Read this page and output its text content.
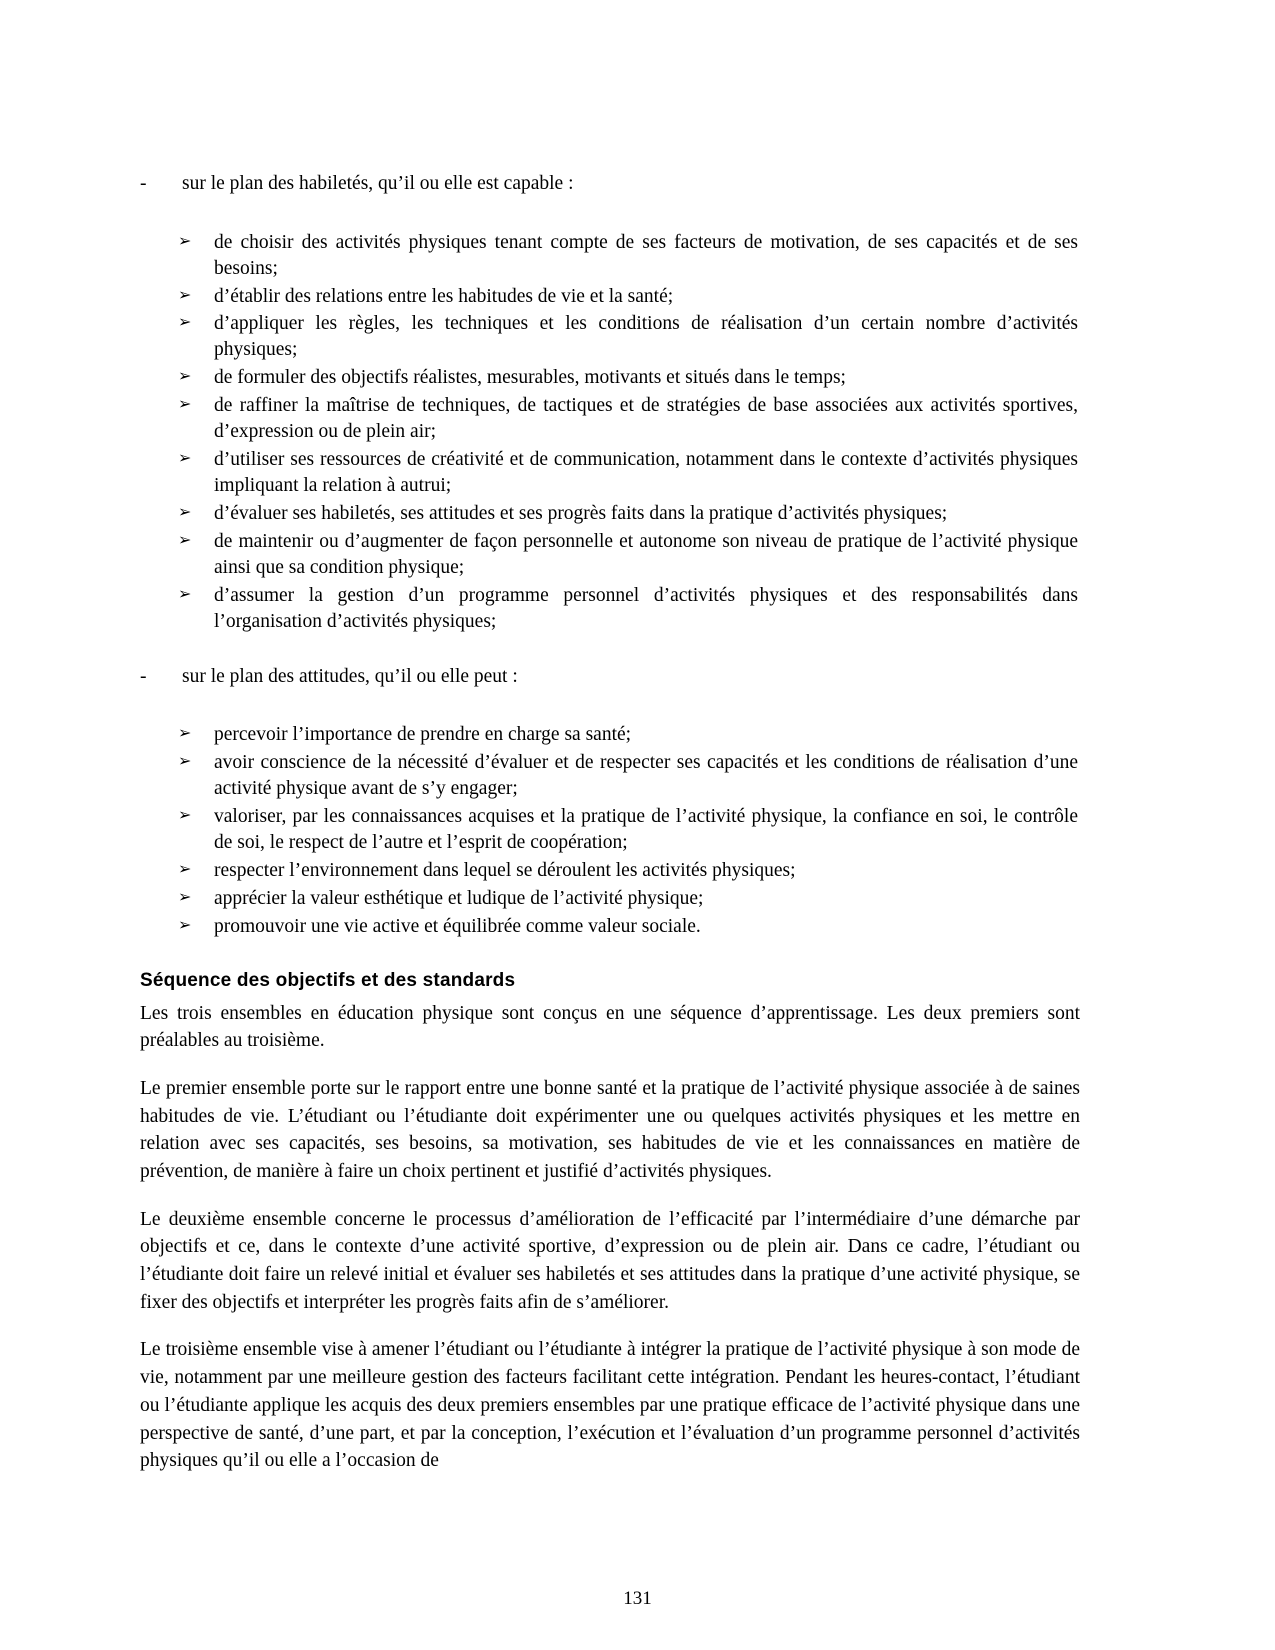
-	sur le plan des habiletés, qu’il ou elle est capable :
➢	de choisir des activités physiques tenant compte de ses facteurs de motivation, de ses capacités et de ses besoins;
➢	d’établir des relations entre les habitudes de vie et la santé;
➢	d’appliquer les règles, les techniques et les conditions de réalisation d’un certain nombre d’activités physiques;
➢	de formuler des objectifs réalistes, mesurables, motivants et situés dans le temps;
➢	de raffiner la maîtrise de techniques, de tactiques et de stratégies de base associées aux activités sportives, d’expression ou de plein air;
➢	d’utiliser ses ressources de créativité et de communication, notamment dans le contexte d’activités physiques impliquant la relation à autrui;
➢	d’évaluer ses habiletés, ses attitudes et ses progrès faits dans la pratique d’activités physiques;
➢	de maintenir ou d’augmenter de façon personnelle et autonome son niveau de pratique de l’activité physique ainsi que sa condition physique;
➢	d’assumer la gestion d’un programme personnel d’activités physiques et des responsabilités dans l’organisation d’activités physiques;
-	sur le plan des attitudes, qu’il ou elle peut :
➢	percevoir l’importance de prendre en charge sa santé;
➢	avoir conscience de la nécessité d’évaluer et de respecter ses capacités et les conditions de réalisation d’une activité physique avant de s’y engager;
➢	valoriser, par les connaissances acquises et la pratique de l’activité physique, la confiance en soi, le contrôle de soi, le respect de l’autre et l’esprit de coopération;
➢	respecter l’environnement dans lequel se déroulent les activités physiques;
➢	apprécier la valeur esthétique et ludique de l’activité physique;
➢	promouvoir une vie active et équilibrée comme valeur sociale.
Séquence des objectifs et des standards

Les trois ensembles en éducation physique sont conçus en une séquence d’apprentissage. Les deux premiers sont préalables au troisième.

Le premier ensemble porte sur le rapport entre une bonne santé et la pratique de l’activité physique associée à de saines habitudes de vie. L’étudiant ou l’étudiante doit expérimenter une ou quelques activités physiques et les mettre en relation avec ses capacités, ses besoins, sa motivation, ses habitudes de vie et les connaissances en matière de prévention, de manière à faire un choix pertinent et justifié d’activités physiques.

Le deuxième ensemble concerne le processus d’amélioration de l’efficacité par l’intermédiaire d’une démarche par objectifs et ce, dans le contexte d’une activité sportive, d’expression ou de plein air. Dans ce cadre, l’étudiant ou l’étudiante doit faire un relevé initial et évaluer ses habiletés et ses attitudes dans la pratique d’une activité physique, se fixer des objectifs et interpréter les progrès faits afin de s’améliorer.

Le troisième ensemble vise à amener l’étudiant ou l’étudiante à intégrer la pratique de l’activité physique à son mode de vie, notamment par une meilleure gestion des facteurs facilitant cette intégration. Pendant les heures-contact, l’étudiant ou l’étudiante applique les acquis des deux premiers ensembles par une pratique efficace de l’activité physique dans une perspective de santé, d’une part, et par la conception, l’exécution et l’évaluation d’un programme personnel d’activités physiques qu’il ou elle a l’occasion de

131
